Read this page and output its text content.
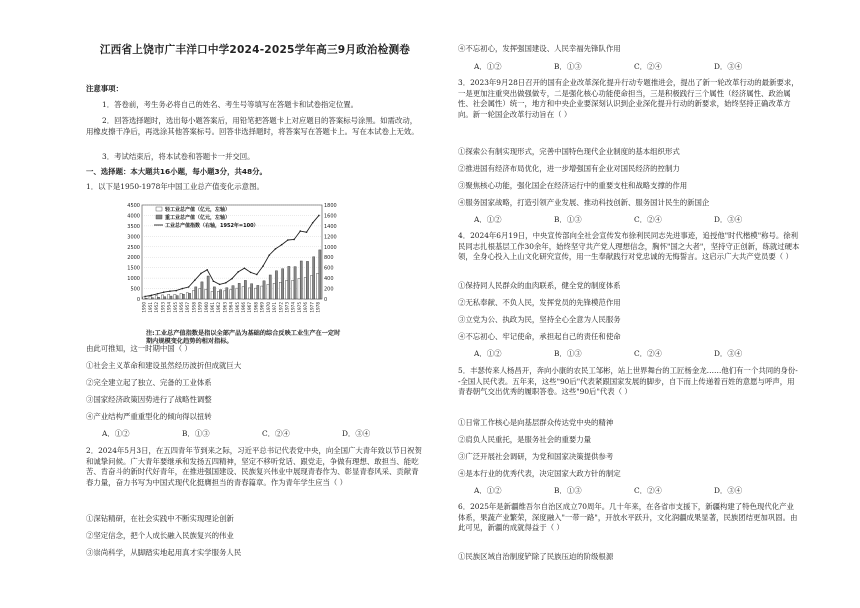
江西省上饶市广丰洋口中学2024-2025学年高三9月政治检测卷
注意事项：
1．答卷前，考生务必将自己的姓名、考生号等填写在答题卡和试卷指定位置。
2．回答选择题时，选出每小题答案后，用铅笔把答题卡上对应题目的答案标号涂黑。如需改动，用橡皮擦干净后，再选涂其他答案标号。回答非选择题时，将答案写在答题卡上。写在本试卷上无效。
3．考试结束后，将本试卷和答题卡一并交回。
一、选择题：本大题共16小题，每小题3分，共48分。
1．以下是1950-1978年中国工业总产值变化示意图。
0
500
1000
1500
2000
2500
3000
3500
4000
4500
0
200
400
600
800
1000
1200
1400
1600
1800
1950 1951 1952 1953 1954 1955 1956 1957 1958 1959 1960 1961 1962 1963 1964 1965 1966 1967 1968 1969 1970 1971 1972 1973 1974 1975 1976 1977 1978
轻工业总产值（亿元，左轴）
重工业总产值（亿元，左轴）
工业总产值指数（右轴，1952年=100）
注:工业总产值指数是指以全部产品为基础的综合反映工业生产在一定时期内规模变化趋势的相对指标。
由此可推知，这一时期中国（ ）
①社会主义革命和建设虽然经历波折但成就巨大
②完全建立起了独立、完备的工业体系
③国家经济政策因势进行了战略性调整
④产业结构严重重型化的倾向得以扭转
A．①②	B．①③	C．②④	D．③④
2．2024年5月3日，在五四青年节到来之际，习近平总书记代表党中央，向全国广大青年致以节日祝贺和诚挚问候。广大青年要继承和发扬五四精神，坚定不移听党话、跟党走，争做有理想、敢担当、能吃苦、肯奋斗的新时代好青年，在推进强国建设、民族复兴伟业中展现青春作为、彰显青春风采、贡献青春力量，奋力书写为中国式现代化挺膺担当的青春篇章。作为青年学生应当（ ）
①深钻精研，在社会实践中不断实现理论创新
②坚定信念，把个人成长融入民族复兴的伟业
③崇尚科学，从脚踏实地起用真才实学服务人民
④不忘初心，发挥强国建设、人民幸福先锋队作用
A．①②	B．①③	C．②④	D．③④
3．2023年9月28日召开的国有企业改革深化提升行动专题推进会，提出了新一轮改革行动的最新要求，一是更加注重突出做强做专，二是强化核心功能使命担当，三是积极践行三个属性（经济属性、政治属性、社会属性）统一，地方和中央企业要深刻认识到企业深化提升行动的新要求，始终坚持正确改革方向。新一轮国企改革行动旨在（ ）
①探索公有制实现形式，完善中国特色现代企业制度的基本组织形式
②推进国有经济布局优化，进一步增强国有企业对国民经济的控制力
③聚焦核心功能，强化国企在经济运行中的重要支柱和战略支撑的作用
④服务国家战略，打造引领产业发展、推动科技创新、服务国计民生的新国企
A．①②	B．①③	C．②④	D．③④
4．2024年6月19日，中央宣传部向全社会宣传发布徐利民同志先进事迹，追授他"时代楷模"称号。徐利民同志扎根基层工作30余年，始终坚守共产党人理想信念，胸怀"国之大者"，坚持守正创新，练就过硬本领，全身心投入上山文化研究宣传，用一生奉献践行对党忠诚的无悔誓言。这启示广大共产党员要（ ）
①保持同人民群众的血肉联系，健全党的制度体系
②无私奉献、不负人民，发挥党员的先锋模范作用
③立党为公、执政为民，坚持全心全意为人民服务
④不忘初心、牢记使命，承担起自己的责任和使命
A．①②	B．①③	C．②④	D．③④
5．丰瑟传来人杨昌开，奔向小康的农民工邹彬，站上世界舞台的工匠杨金龙……他们有一个共同的身份--全国人民代表。五年来，这些"90后"代表紧跟国家发展的脚步，自下而上传递着百姓的意愿与呼声，用青春朝气交出优秀的履职答卷。这些"90后"代表（ ）
①日常工作核心是向基层群众传达党中央的精神
②肩负人民重托，是服务社会的重要力量
③广泛开展社会调研，为党和国家决策提供参考
④是本行业的优秀代表，决定国家大政方针的制定
A．①②	B．①③	C．②④	D．③④
6．2025年是新疆维吾尔自治区成立70周年。几十年来，在各省市支援下，新疆构建了特色现代化产业体系，果蔬产业繁荣，深度融入"一带一路"，开放水平跃升，文化润疆成果显著，民族团结更加巩固。由此可见，新疆的成就得益于（ ）
①民族区域自治制度铲除了民族压迫的阶级根源
